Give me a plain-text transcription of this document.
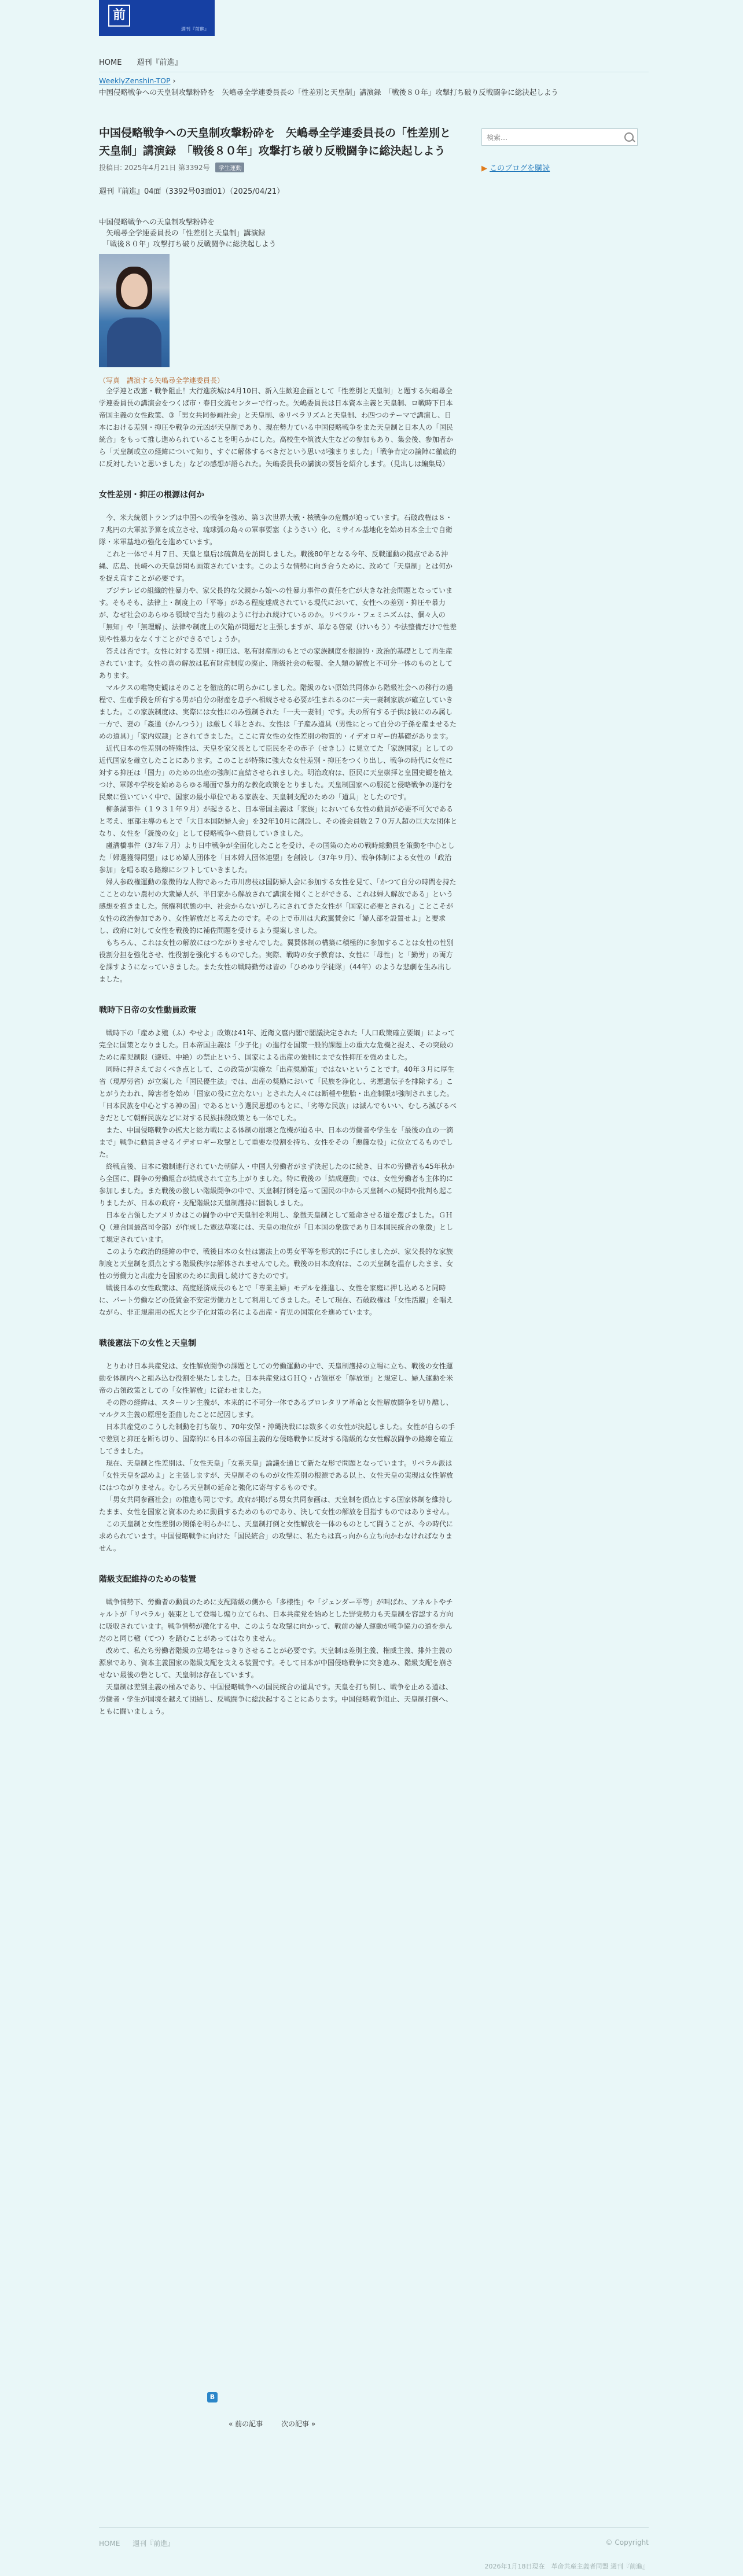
前
週刊『前進』
HOME 週刊『前進』
WeeklyZenshin-TOP ›
中国侵略戦争への天皇制攻撃粉砕を　矢嶋尋全学連委員長の「性差別と天皇制」講演録　「戦後８０年」攻撃打ち破り反戦闘争に総決起しよう
中国侵略戦争への天皇制攻撃粉砕を　矢嶋尋全学連委員長の「性差別と天皇制」講演録　「戦後８０年」攻撃打ち破り反戦闘争に総決起しよう
投稿日: 2025年4月21日 第3392号 学生運動
週刊『前進』04面（3392号03面01）（2025/04/21）
中国侵略戦争への天皇制攻撃粉砕を
　矢嶋尋全学連委員長の「性差別と天皇制」講演録
　「戦後８０年」攻撃打ち破り反戦闘争に総決起しよう
（写真　講演する矢嶋尋全学連委員長）

全学連と改憲・戦争阻止！大行進茨城は4月10日、新入生歓迎企画として「性差別と天皇制」と題する矢嶋尋全学連委員長の講演会をつくば市・春日交流センターで行った。矢嶋委員長は日本資本主義と天皇制、ロ戦時下日本帝国主義の女性政策、③「男女共同参画社会」と天皇制、④リベラリズムと天皇制、わ四つのテーマで講演し、日本における差別・抑圧や戦争の元凶が天皇制であり、現在勢力ている中国侵略戦争をまた天皇制と日本人の「国民統合」をもって推し進められていることを明らかにした。高校生や筑波大生などの参加もあり、集会後、参加者から「天皇制或立の経緯について知り、すぐに解体するべきだという思いが強まりました」「戦争肯定の論陣に徹底的に反対したいと思いました」などの感想が語られた。矢嶋委員長の講演の要旨を紹介します。（見出しは編集局）

女性差別・抑圧の根源は何か

今、米大統領トランプは中国への戦争を強め、第３次世界大戦・核戦争の危機が迫っています。石破政権は８・７兆円の大軍拡予算を成立させ、琉球弧の島々の軍事要塞（ようさい）化、ミサイル基地化を始め日本全土で自衛隊・米軍基地の強化を進めています。

これと一体で４月７日、天皇と皇后は硫黄島を訪問しました。戦後80年となる今年、反戦運動の拠点である沖縄、広島、長崎への天皇訪問も画策されています。このような情勢に向き合うために、改めて「天皇制」とは何かを捉え直すことが必要です。

ブジテレビの組織的性暴力や、家父長的な父親から娘への性暴力事件の責任を亡が大きな社会問題となっています。そもそも、法律上・制度上の「平等」がある程度達成されている現代において、女性への差別・抑圧や暴力が、なぜ社会のあらゆる領域で当たり前のように行われ続けているのか。リベラル・フェミニズムは、個々人の「無知」や「無理解」、法律や制度上の欠陥が問題だと主張しますが、単なる啓蒙（けいもう）や法整備だけで性差別や性暴力をなくすことができるでしょうか。

答えは否です。女性に対する差別・抑圧は、私有財産制のもとでの家族制度を根源的・政治的基礎として再生産されています。女性の真の解放は私有財産制度の廃止、階級社会の転覆、全人類の解放と不可分一体のものとしてあります。

マルクスの唯物史観はそのことを徹底的に明らかにしました。階級のない原始共同体から階級社会への移行の過程で、生産手段を所有する男が自分の財産を息子へ相続させる必要が生まれるのに一夫一妻制家族が確立していきました。この家族制度は、実際には女性にのみ強制された「一夫一妻制」です。夫の所有する子供は彼にのみ属し一方で、妻の「姦通（かんつう）」は厳しく罪とされ、女性は「子産み道具（男性にとって自分の子孫を産ませるための道具）」「家内奴隷」とされてきました。ここに青女性の女性差別の物質的・イデオロギー的基礎があります。

近代日本の性差別の特殊性は、天皇を家父長として臣民をその赤子（せきし）に見立てた「家族国家」としての近代国家を確立したことにあります。このことが特殊に強大な女性差別・抑圧をつくり出し、戦争の時代に女性に対する抑圧は「国力」のための出産の強制に直結させられました。明治政府は、臣民に天皇崇拝と皇国史観を植えつけ、軍隊や学校を始めあらゆる場面で暴力的な教化政策をとりました。天皇制国家への服従と侵略戦争の遂行を民衆に強いていく中で、国家の最小単位である家族を、天皇制支配のための「道具」としたのです。

柳条湖事件（１９３１年９月）が起きると、日本帝国主義は「家族」においても女性の動員が必要不可欠であると考え、軍部主導のもとで「大日本国防婦人会」を32年10月に創設し、その後会員数２７０万人超の巨大な団体となり、女性を「銃後の女」として侵略戦争へ動員していきました。

盧溝橋事件（37年７月）より日中戦争が全面化したことを受け、その国策のための戦時総動員を策動を中心とした「婦選獲得同盟」はじめ婦人団体を「日本婦人団体連盟」を創設し（37年９月）、戦争体制による女性の「政治参加」を唱る取る路線にシフトしていきました。

婦人参政権運動の象徴的な人物であった市川房枝は国防婦人会に参加する女性を見て、「かつて自分の時間を持たこことのない農村の大衆婦人が、半日家から解放されて講演を聞くことができる、これは婦人解放である」という感想を抱きました。無権利状態の中、社会からないがしろにされてきた女性が「国家に必要とされる」ことこそが女性の政治参加であり、女性解放だと考えたのです。その上で市川は大政翼賛会に「婦人部を設置せよ」と要求し、政府に対して女性を戦後的に補佐問題を受けるよう提案しました。

もちろん、これは女性の解放にはつながりませんでした。翼賛体制の構築に積極的に参加することは女性の性別役割分担を強化させ、性役割を強化するものでした。実際、戦時の女子教育は、女性に「母性」と「勤労」の両方を課すようになっていきました。また女性の戦時勤労は皆の「ひめゆり学徒隊」（44年）のような悲劇を生み出しました。

戦時下日帝の女性動員政策

戦時下の「産めよ殖（ふ）やせよ」政策は41年、近衛文麿内閣で閣議決定された「人口政策確立要綱」によって完全に国策となりました。日本帝国主義は「少子化」の進行を国策一般的課題上の重大な危機と捉え、その突破のために産児制限（避妊、中絶）の禁止という、国家による出産の強制にまで女性抑圧を強めました。

同時に押さえておくべき点として、この政策が実施な「出産奨励策」ではないということです。40年３月に厚生省（現厚労省）が立案した「国民優生法」では、出産の奨励において「民族を浄化し、劣悪遺伝子を排除する」ことがうたわれ、障害者を始め「国家の役に立たない」とされた人々には断種や堕胎・出産制限が強制されました。「日本民族を中心とする神の国」であるという選民思想のもとに、「劣等な民族」は滅んでもいい、むしろ滅びるべきだとして朝鮮民族などに対する民族抹殺政策とも一体でした。

また、中国侵略戦争の拡大と総力戦による体制の崩壊と危機が迫る中、日本の労働者や学生を「最後の血の一滴まで」戦争に動員させるイデオロギー攻撃として重要な役割を持ち、女性をその「悪籐な役」に位立てるものでした。

終戦直後、日本に強制連行されていた朝鮮人・中国人労働者がまず決起したのに続き、日本の労働者も45年秋から全国に、闘争の労働組合が結成されて立ち上がりました。特に戦後の「結成運動」では、女性労働者も主体的に参加しました。また戦後の激しい階級闘争の中で、天皇制打倒を巡って国民の中から天皇制への疑問や批判も起こりましたが、日本の政府・支配階級は天皇制護持に固執しました。

日本を占領したアメリカはこの闘争の中で天皇制を利用し、象徴天皇制として延命させる道を選びました。ＧＨＱ（連合国最高司令部）が作成した憲法草案には、天皇の地位が「日本国の象徴であり日本国民統合の象徴」として規定されています。

このような政治的経緯の中で、戦後日本の女性は憲法上の男女平等を形式的に手にしましたが、家父長的な家族制度と天皇制を頂点とする階級秩序は解体されませんでした。戦後の日本政府は、この天皇制を温存したまま、女性の労働力と出産力を国家のために動員し続けてきたのです。

戦後日本の女性政策は、高度経済成長のもとで「専業主婦」モデルを推進し、女性を家庭に押し込めると同時に、パート労働などの低賃金不安定労働力として利用してきました。そして現在、石破政権は「女性活躍」を唱えながら、非正規雇用の拡大と少子化対策の名による出産・育児の国策化を進めています。

戦後憲法下の女性と天皇制

とりわけ日本共産党は、女性解放闘争の課題としての労働運動の中で、天皇制護持の立場に立ち、戦後の女性運動を体制内へと組み込む役割を果たしました。日本共産党はＧＨＱ・占領軍を「解放軍」と規定し、婦人運動を米帝の占領政策としての「女性解放」に従わせました。

その際の経緯は、スターリン主義が、本来的に不可分一体であるプロレタリア革命と女性解放闘争を切り離し、マルクス主義の原理を歪曲したことに起因します。

日本共産党のこうした制動を打ち破り、70年安保・沖縄決戦には数多くの女性が決起しました。女性が自らの手で差別と抑圧を断ち切り、国際的にも日本の帝国主義的な侵略戦争に反対する階級的な女性解放闘争の路線を確立してきました。

現在、天皇制と性差別は、「女性天皇」「女系天皇」論議を通じて新たな形で問題となっています。リベラル派は「女性天皇を認めよ」と主張しますが、天皇制そのものが女性差別の根源である以上、女性天皇の実現は女性解放にはつながりません。むしろ天皇制の延命と強化に寄与するものです。

「男女共同参画社会」の推進も同じです。政府が掲げる男女共同参画は、天皇制を頂点とする国家体制を維持したまま、女性を国家と資本のために動員するためのものであり、決して女性の解放を目指すものではありません。

この天皇制と女性差別の関係を明らかにし、天皇制打倒と女性解放を一体のものとして闘うことが、今の時代に求められています。中国侵略戦争に向けた「国民統合」の攻撃に、私たちは真っ向から立ち向かわなければなりません。

階級支配維持のための装置

戦争情勢下、労働者の動員のために支配階級の側から「多様性」や「ジェンダー平等」が叫ばれ、アネルトやチャルトが「リベラル」装束として登場し煽り立てられ、日本共産党を始めとした野党勢力も天皇制を容認する方向に吸収されています。戦争情勢が激化する中、このような攻撃に向かって、戦前の婦人運動が戦争協力の道を歩んだのと同じ轍（てつ）を踏むことがあってはなりません。

改めて、私たち労働者階級の立場をはっきりさせることが必要です。天皇制は差別主義、権威主義、排外主義の源泉であり、資本主義国家の階級支配を支える装置です。そして日本が中国侵略戦争に突き進み、階級支配を崩させない最後の砦として、天皇制は存在しています。

天皇制は差別主義の極みであり、中国侵略戦争への国民統合の道具です。天皇を打ち倒し、戦争を止める道は、労働者・学生が国境を越えて団結し、反戦闘争に総決起することにあります。中国侵略戦争阻止、天皇制打倒へ、ともに闘いましょう。

検索…
▶ このブログを購読
B
« 前の記事	次の記事 »
HOME 週刊『前進』	© Copyright
2026年1月18日現在　革命共産主義者同盟 週刊『前進』
